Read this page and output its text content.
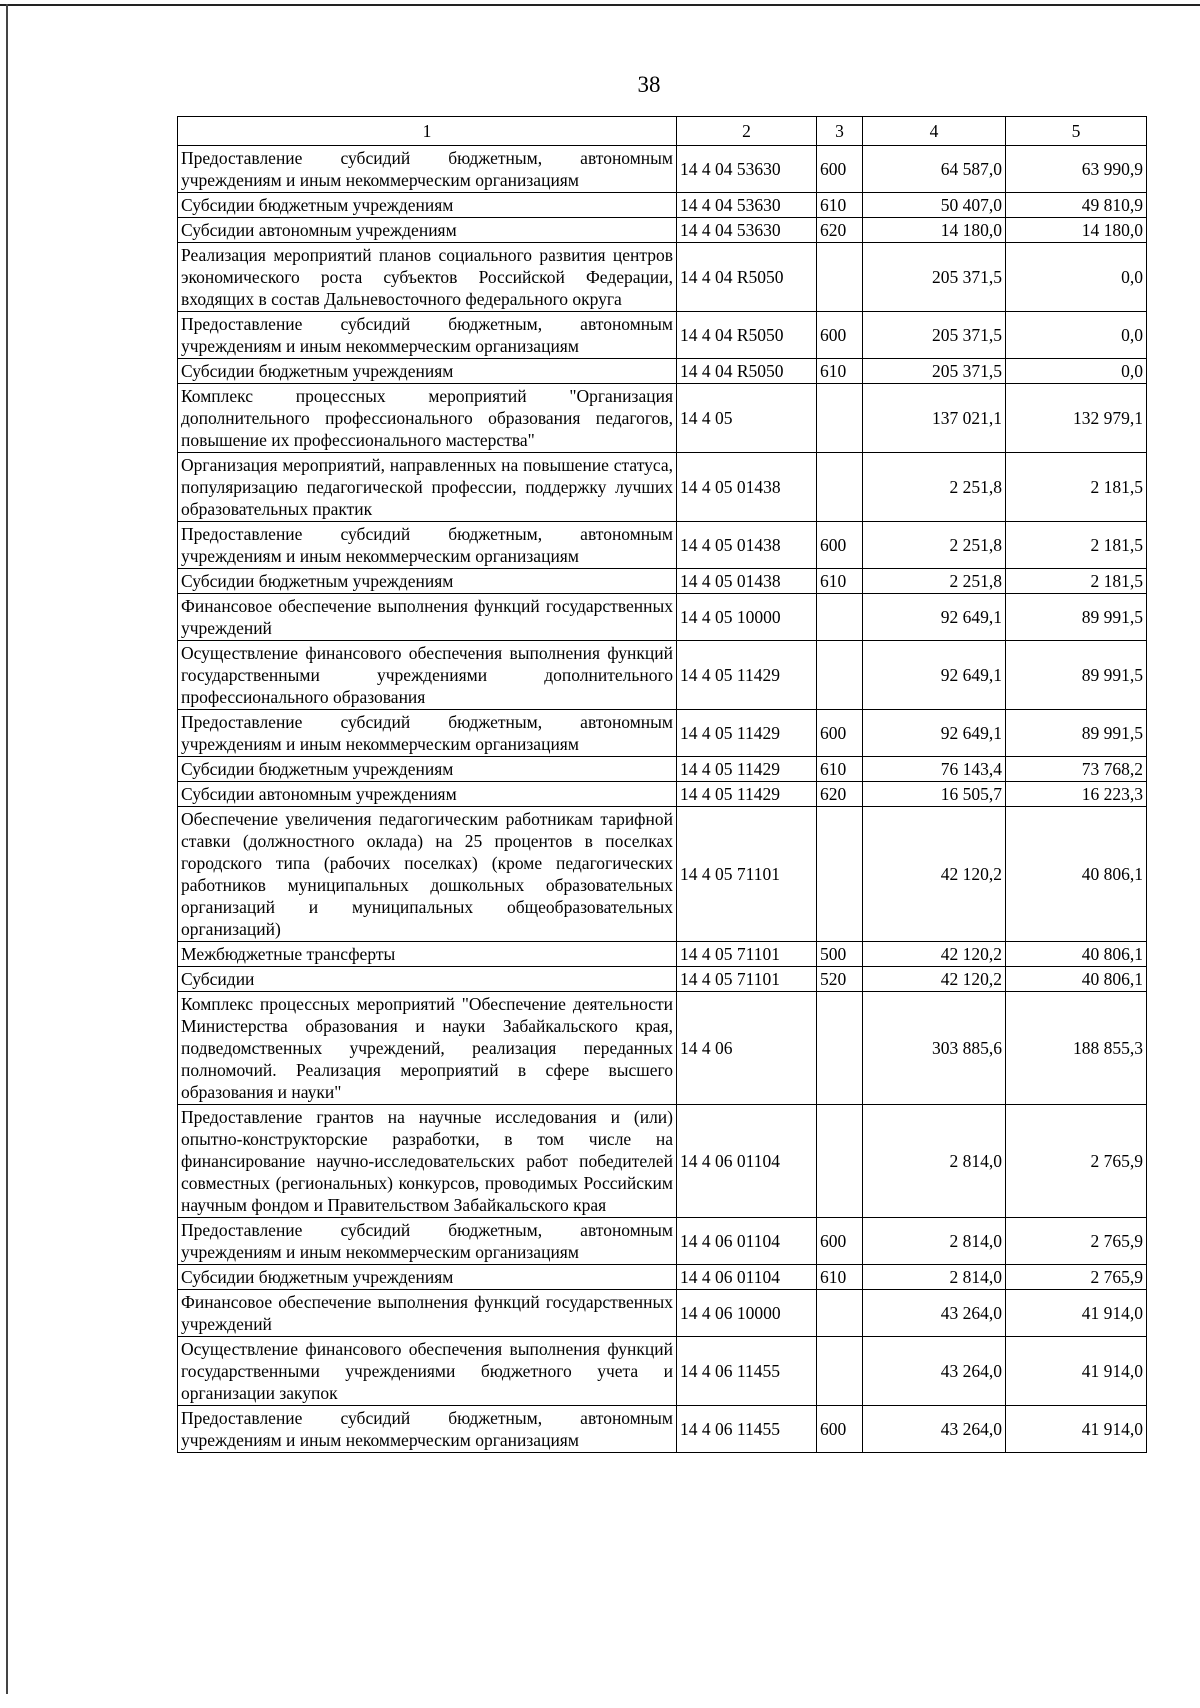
38
1	2	3	4	5
Предоставление субсидий бюджетным, автономным учреждениям и иным некоммерческим организациям	14 4 04 53630	600	64 587,0	63 990,9
Субсидии бюджетным учреждениям	14 4 04 53630	610	50 407,0	49 810,9
Субсидии автономным учреждениям	14 4 04 53630	620	14 180,0	14 180,0
Реализация мероприятий планов социального развития центров экономического роста субъектов Российской Федерации, входящих в состав Дальневосточного федерального округа	14 4 04 R5050		205 371,5	0,0
Предоставление субсидий бюджетным, автономным учреждениям и иным некоммерческим организациям	14 4 04 R5050	600	205 371,5	0,0
Субсидии бюджетным учреждениям	14 4 04 R5050	610	205 371,5	0,0
Комплекс процессных мероприятий "Организация дополнительного профессионального образования педагогов, повышение их профессионального мастерства"	14 4 05		137 021,1	132 979,1
Организация мероприятий, направленных на повышение статуса, популяризацию педагогической профессии, поддержку лучших образовательных практик	14 4 05 01438		2 251,8	2 181,5
Предоставление субсидий бюджетным, автономным учреждениям и иным некоммерческим организациям	14 4 05 01438	600	2 251,8	2 181,5
Субсидии бюджетным учреждениям	14 4 05 01438	610	2 251,8	2 181,5
Финансовое обеспечение выполнения функций государственных учреждений	14 4 05 10000		92 649,1	89 991,5
Осуществление финансового обеспечения выполнения функций государственными учреждениями дополнительного профессионального образования	14 4 05 11429		92 649,1	89 991,5
Предоставление субсидий бюджетным, автономным учреждениям и иным некоммерческим организациям	14 4 05 11429	600	92 649,1	89 991,5
Субсидии бюджетным учреждениям	14 4 05 11429	610	76 143,4	73 768,2
Субсидии автономным учреждениям	14 4 05 11429	620	16 505,7	16 223,3
Обеспечение увеличения педагогическим работникам тарифной ставки (должностного оклада) на 25 процентов в поселках городского типа (рабочих поселках) (кроме педагогических работников муниципальных дошкольных образовательных организаций и муниципальных общеобразовательных организаций)	14 4 05 71101		42 120,2	40 806,1
Межбюджетные трансферты	14 4 05 71101	500	42 120,2	40 806,1
Субсидии	14 4 05 71101	520	42 120,2	40 806,1
Комплекс процессных мероприятий "Обеспечение деятельности Министерства образования и науки Забайкальского края, подведомственных учреждений, реализация переданных полномочий. Реализация мероприятий в сфере высшего образования и науки"	14 4 06		303 885,6	188 855,3
Предоставление грантов на научные исследования и (или) опытно-конструкторские разработки, в том числе на финансирование научно-исследовательских работ победителей совместных (региональных) конкурсов, проводимых Российским научным фондом и Правительством Забайкальского края	14 4 06 01104		2 814,0	2 765,9
Предоставление субсидий бюджетным, автономным учреждениям и иным некоммерческим организациям	14 4 06 01104	600	2 814,0	2 765,9
Субсидии бюджетным учреждениям	14 4 06 01104	610	2 814,0	2 765,9
Финансовое обеспечение выполнения функций государственных учреждений	14 4 06 10000		43 264,0	41 914,0
Осуществление финансового обеспечения выполнения функций государственными учреждениями бюджетного учета и организации закупок	14 4 06 11455		43 264,0	41 914,0
Предоставление субсидий бюджетным, автономным учреждениям и иным некоммерческим организациям	14 4 06 11455	600	43 264,0	41 914,0
